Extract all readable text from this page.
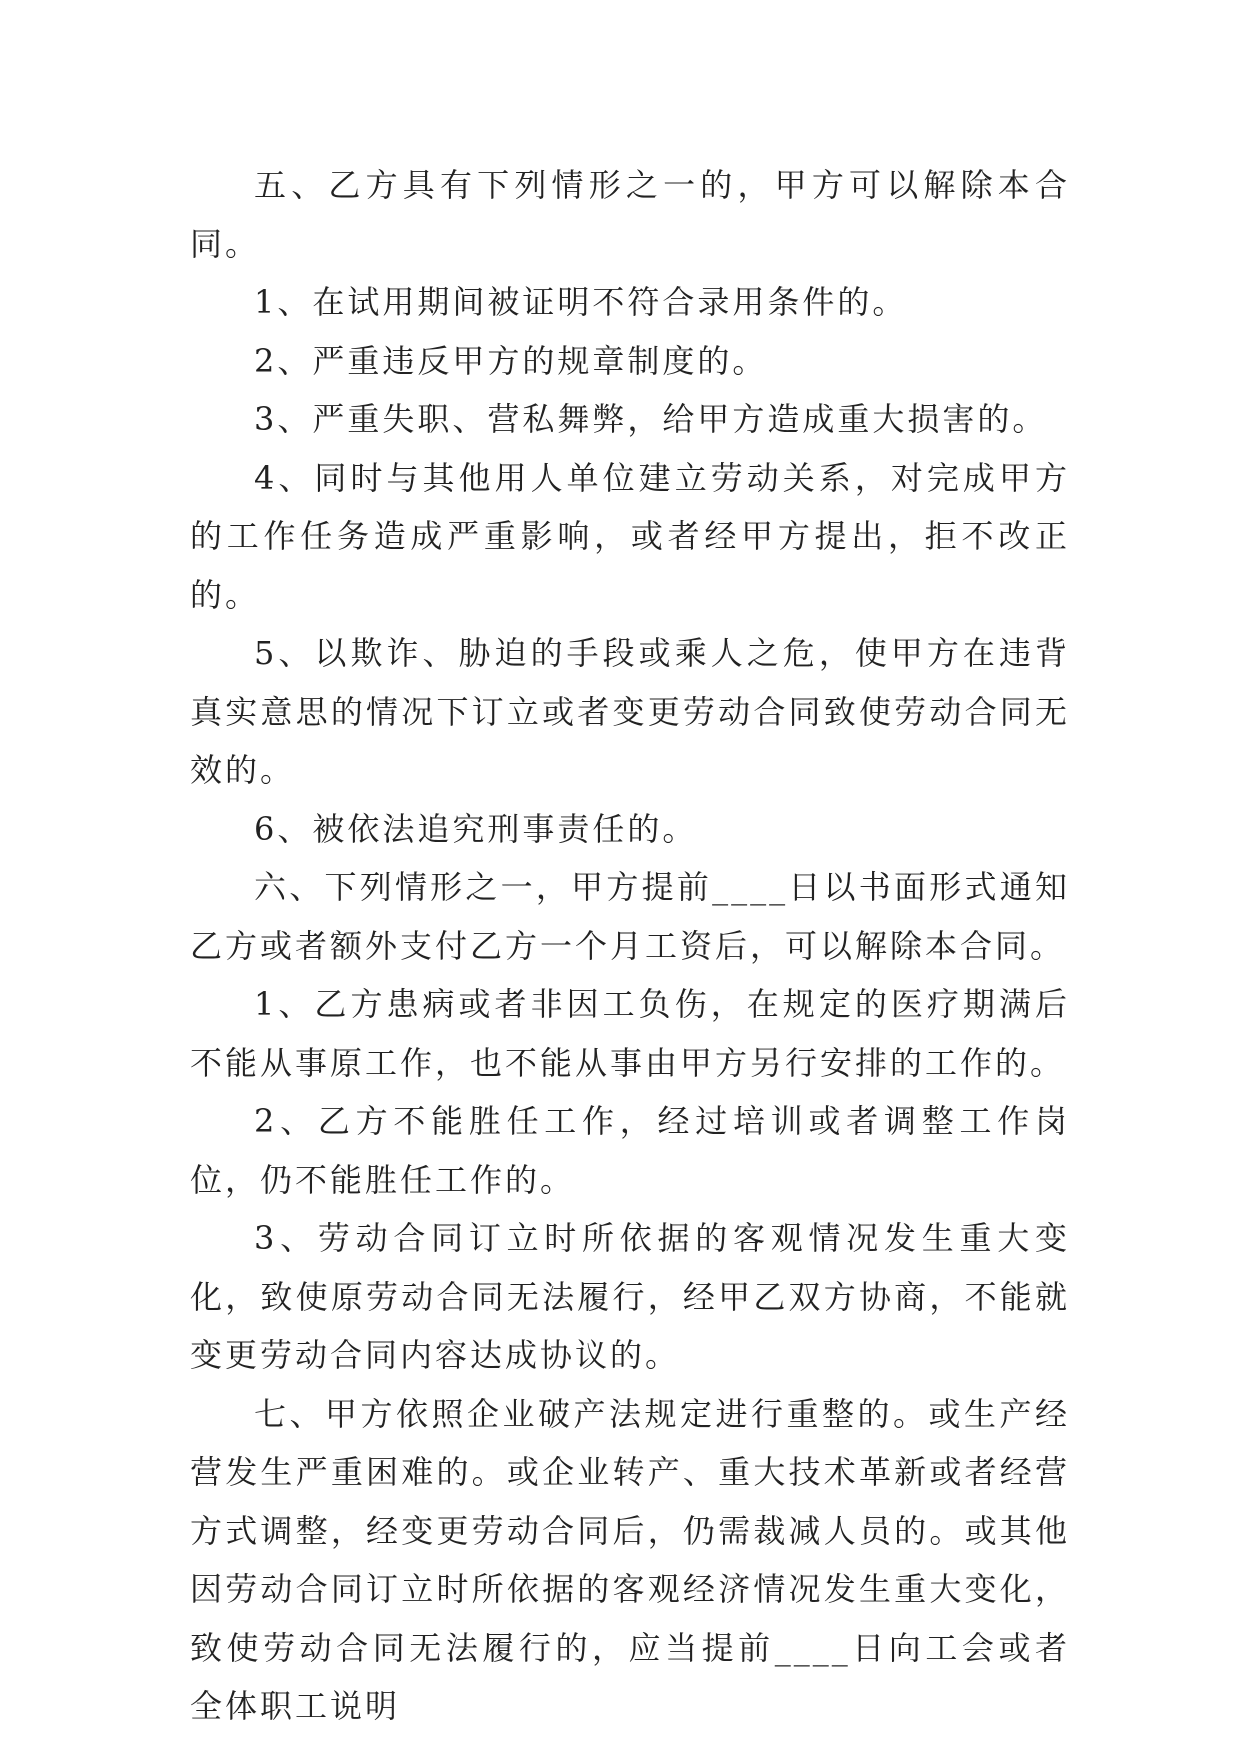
五、乙方具有下列情形之一的，甲方可以解除本合同。

1、在试用期间被证明不符合录用条件的。

2、严重违反甲方的规章制度的。

3、严重失职、营私舞弊，给甲方造成重大损害的。

4、同时与其他用人单位建立劳动关系，对完成甲方的工作任务造成严重影响，或者经甲方提出，拒不改正的。

5、以欺诈、胁迫的手段或乘人之危，使甲方在违背真实意思的情况下订立或者变更劳动合同致使劳动合同无效的。

6、被依法追究刑事责任的。

六、下列情形之一，甲方提前____日以书面形式通知乙方或者额外支付乙方一个月工资后，可以解除本合同。

1、乙方患病或者非因工负伤，在规定的医疗期满后不能从事原工作，也不能从事由甲方另行安排的工作的。

2、乙方不能胜任工作，经过培训或者调整工作岗位，仍不能胜任工作的。

3、劳动合同订立时所依据的客观情况发生重大变化，致使原劳动合同无法履行，经甲乙双方协商，不能就变更劳动合同内容达成协议的。

七、甲方依照企业破产法规定进行重整的。或生产经营发生严重困难的。或企业转产、重大技术革新或者经营方式调整，经变更劳动合同后，仍需裁减人员的。或其他因劳动合同订立时所依据的客观经济情况发生重大变化，致使劳动合同无法履行的，应当提前____日向工会或者全体职工说明
